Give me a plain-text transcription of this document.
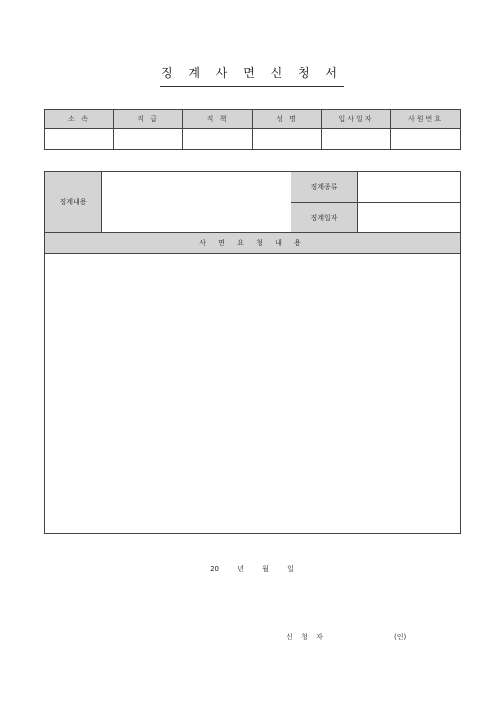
징 계 사 면 신 청 서
소 속	직 급	직 책	성 명	입사일자	사원번호

징계내용
징계종류
징계일자
사 면 요 청 내 용
20 년 월 일
신 청 자	(인)
